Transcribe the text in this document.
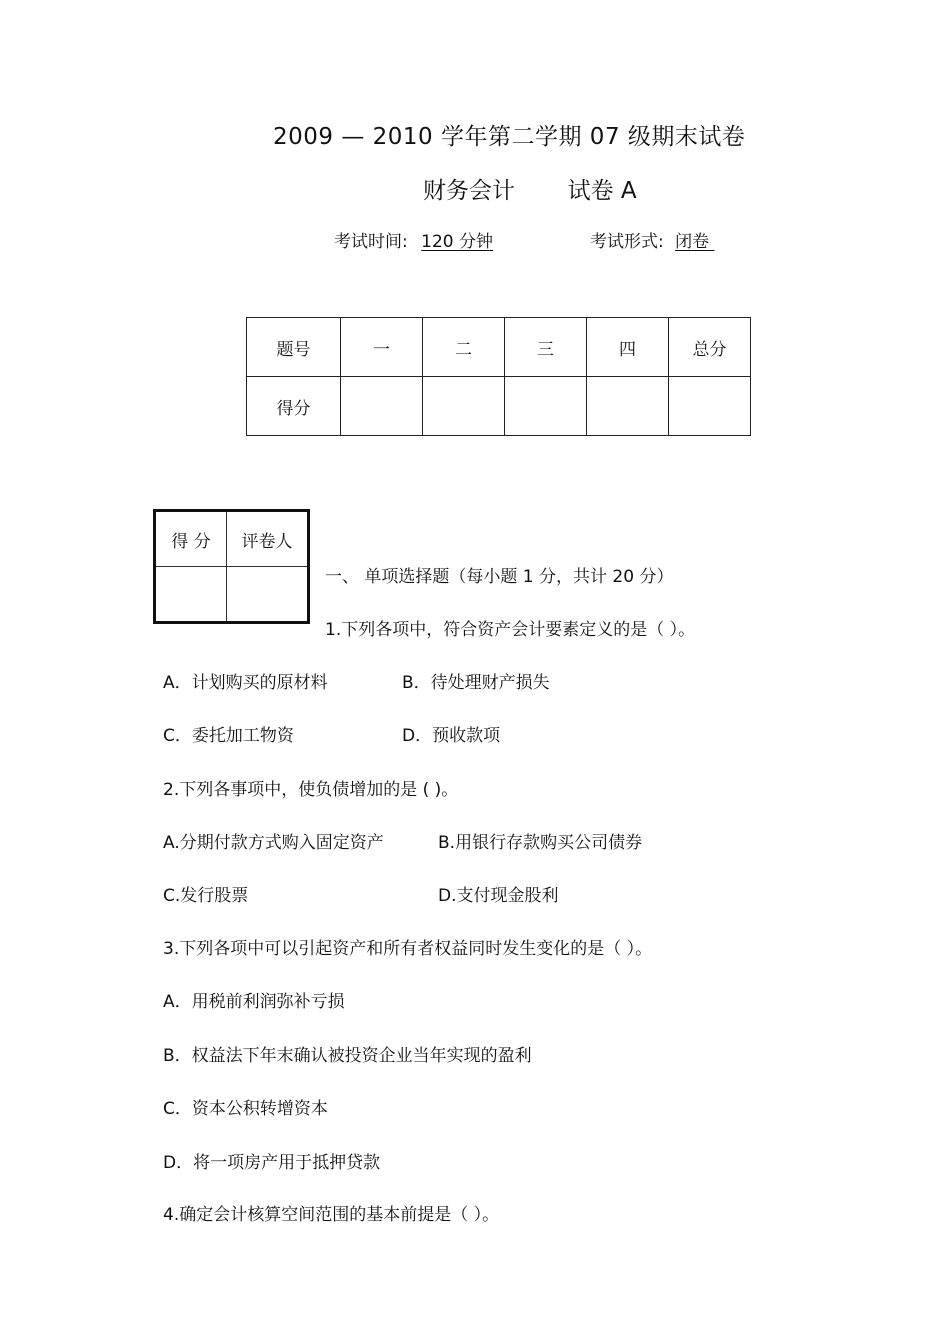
2009 — 2010 学年第二学期 07 级期末试卷
财务会计 试卷 A
考试时间: 120 分钟	考试形式: 闭卷
题号	一	二	三	四	总分
得分					
得 分	评卷人

一、 单项选择题（每小题 1 分，共计 20 分）
1.下列各项中，符合资产会计要素定义的是（ ）。
A．计划购买的原材料	B．待处理财产损失
C．委托加工物资	D．预收款项
2.下列各事项中，使负债增加的是 ( )。
A.分期付款方式购入固定资产	B.用银行存款购买公司债券
C.发行股票	D.支付现金股利
3.下列各项中可以引起资产和所有者权益同时发生变化的是（ ）。
A．用税前利润弥补亏损
B．权益法下年末确认被投资企业当年实现的盈利
C．资本公积转增资本
D．将一项房产用于抵押贷款
4.确定会计核算空间范围的基本前提是（ ）。
